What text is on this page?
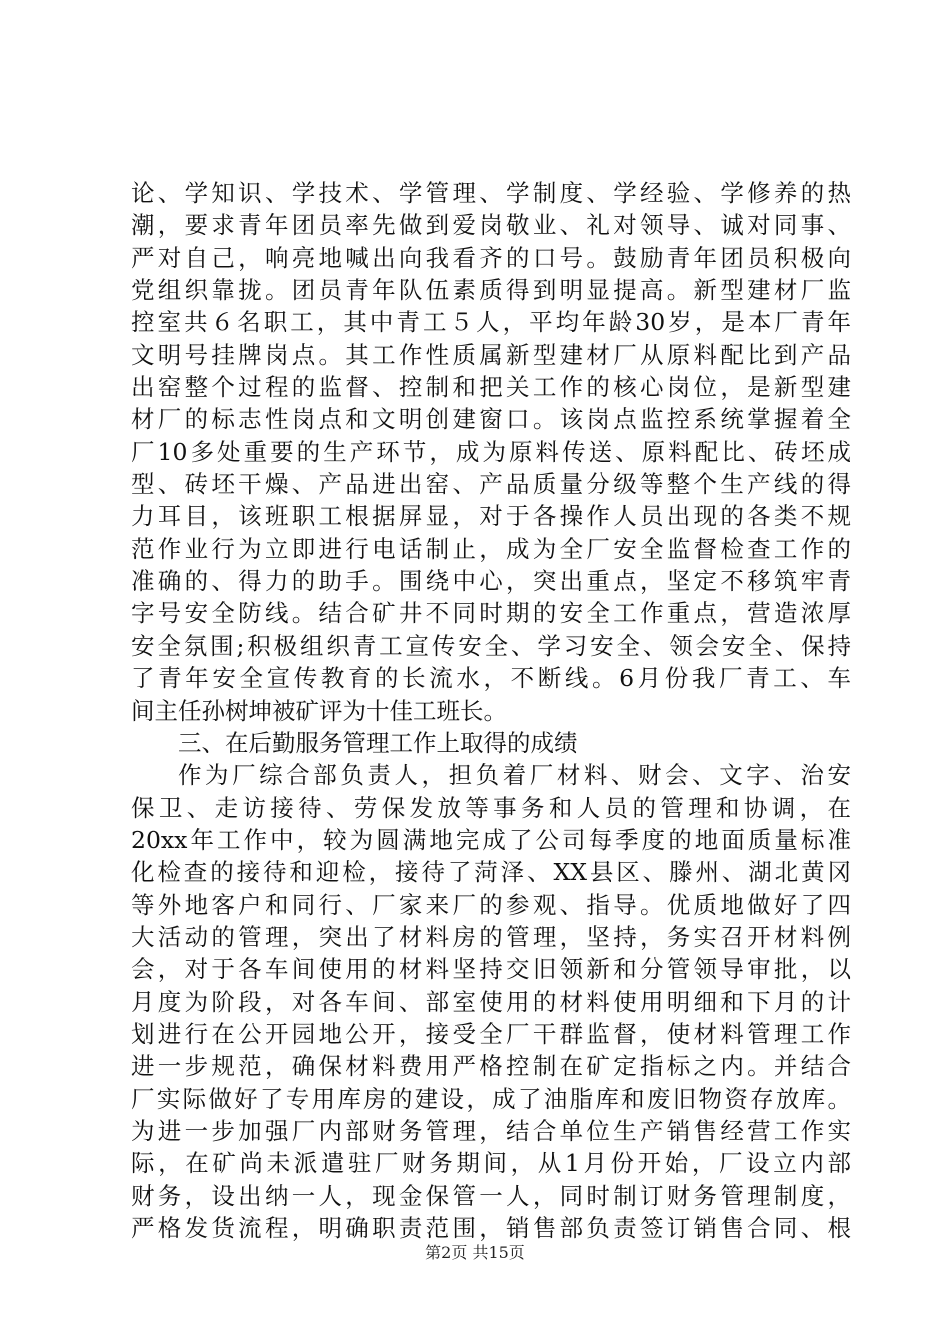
论、学知识、学技术、学管理、学制度、学经验、学修养的热
潮，要求青年团员率先做到爱岗敬业、礼对领导、诚对同事、
严对自己，响亮地喊出向我看齐的口号。鼓励青年团员积极向
党组织靠拢。团员青年队伍素质得到明显提高。新型建材厂监
控室共６名职工，其中青工５人，平均年龄30岁，是本厂青年
文明号挂牌岗点。其工作性质属新型建材厂从原料配比到产品
出窑整个过程的监督、控制和把关工作的核心岗位，是新型建
材厂的标志性岗点和文明创建窗口。该岗点监控系统掌握着全
厂10多处重要的生产环节，成为原料传送、原料配比、砖坯成
型、砖坯干燥、产品进出窑、产品质量分级等整个生产线的得
力耳目，该班职工根据屏显，对于各操作人员出现的各类不规
范作业行为立即进行电话制止，成为全厂安全监督检查工作的
准确的、得力的助手。围绕中心，突出重点，坚定不移筑牢青
字号安全防线。结合矿井不同时期的安全工作重点，营造浓厚
安全氛围;积极组织青工宣传安全、学习安全、领会安全、保持
了青年安全宣传教育的长流水，不断线。6月份我厂青工、车
间主任孙树坤被矿评为十佳工班长。
三、在后勤服务管理工作上取得的成绩
作为厂综合部负责人，担负着厂材料、财会、文字、治安
保卫、走访接待、劳保发放等事务和人员的管理和协调，在
20xx年工作中，较为圆满地完成了公司每季度的地面质量标准
化检查的接待和迎检，接待了菏泽、XX县区、滕州、湖北黄冈
等外地客户和同行、厂家来厂的参观、指导。优质地做好了四
大活动的管理，突出了材料房的管理，坚持，务实召开材料例
会，对于各车间使用的材料坚持交旧领新和分管领导审批，以
月度为阶段，对各车间、部室使用的材料使用明细和下月的计
划进行在公开园地公开，接受全厂干群监督，使材料管理工作
进一步规范，确保材料费用严格控制在矿定指标之内。并结合
厂实际做好了专用库房的建设，成了油脂库和废旧物资存放库。
为进一步加强厂内部财务管理，结合单位生产销售经营工作实
际，在矿尚未派遣驻厂财务期间，从1月份开始，厂设立内部
财务，设出纳一人，现金保管一人，同时制订财务管理制度，
严格发货流程，明确职责范围，销售部负责签订销售合同、根
第2页 共15页
